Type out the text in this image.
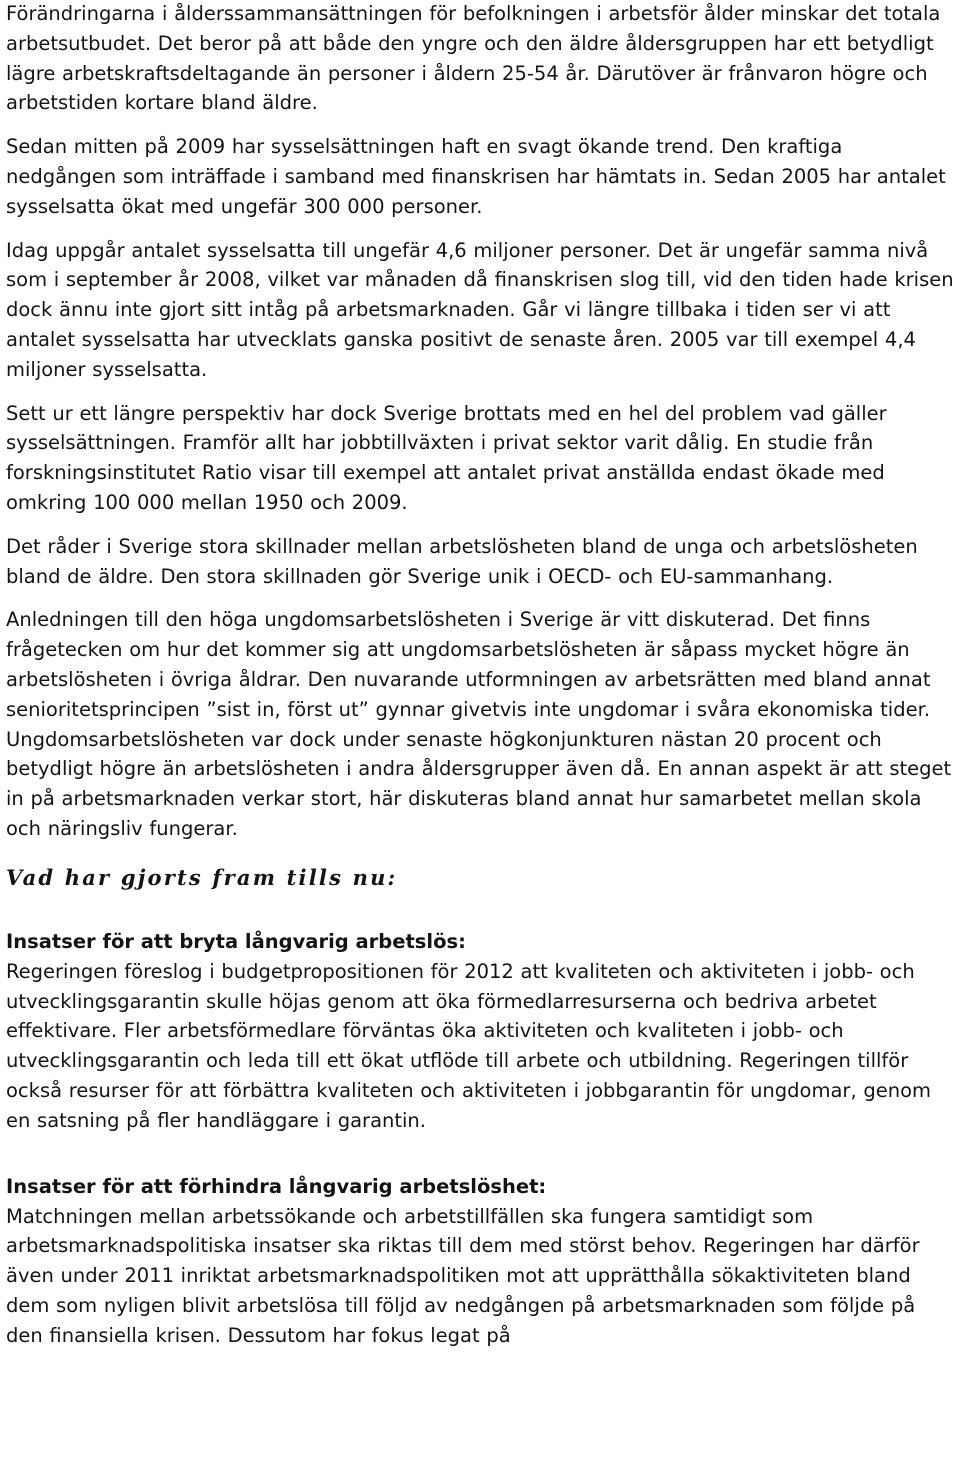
Förändringarna i ålderssammansättningen för befolkningen i arbetsför ålder minskar det totala arbetsutbudet. Det beror på att både den yngre och den äldre åldersgruppen har ett betydligt lägre arbetskraftsdeltagande än personer i åldern 25-54 år. Därutöver är frånvaron högre och arbetstiden kortare bland äldre.

Sedan mitten på 2009 har sysselsättningen haft en svagt ökande trend. Den kraftiga nedgången som inträffade i samband med finanskrisen har hämtats in. Sedan 2005 har antalet sysselsatta ökat med ungefär 300 000 personer.

Idag uppgår antalet sysselsatta till ungefär 4,6 miljoner personer. Det är ungefär samma nivå som i september år 2008, vilket var månaden då finanskrisen slog till, vid den tiden hade krisen dock ännu inte gjort sitt intåg på arbetsmarknaden. Går vi längre tillbaka i tiden ser vi att antalet sysselsatta har utvecklats ganska positivt de senaste åren. 2005 var till exempel 4,4 miljoner sysselsatta.

Sett ur ett längre perspektiv har dock Sverige brottats med en hel del problem vad gäller sysselsättningen. Framför allt har jobbtillväxten i privat sektor varit dålig. En studie från forskningsinstitutet Ratio visar till exempel att antalet privat anställda endast ökade med omkring 100 000 mellan 1950 och 2009.

Det råder i Sverige stora skillnader mellan arbetslösheten bland de unga och arbetslösheten bland de äldre. Den stora skillnaden gör Sverige unik i OECD- och EU-sammanhang.

Anledningen till den höga ungdomsarbetslösheten i Sverige är vitt diskuterad. Det finns frågetecken om hur det kommer sig att ungdomsarbetslösheten är såpass mycket högre än arbetslösheten i övriga åldrar. Den nuvarande utformningen av arbetsrätten med bland annat senioritetsprincipen ”sist in, först ut” gynnar givetvis inte ungdomar i svåra ekonomiska tider. Ungdomsarbetslösheten var dock under senaste högkonjunkturen nästan 20 procent och betydligt högre än arbetslösheten i andra åldersgrupper även då. En annan aspekt är att steget in på arbetsmarknaden verkar stort, här diskuteras bland annat hur samarbetet mellan skola och näringsliv fungerar.

Vad har gjorts fram tills nu:
Insatser för att bryta långvarig arbetslös:

Regeringen föreslog i budgetpropositionen för 2012 att kvaliteten och aktiviteten i jobb- och utvecklingsgarantin skulle höjas genom att öka förmedlarresurserna och bedriva arbetet effektivare. Fler arbetsförmedlare förväntas öka aktiviteten och kvaliteten i jobb- och utvecklingsgarantin och leda till ett ökat utflöde till arbete och utbildning. Regeringen tillför också resurser för att förbättra kvaliteten och aktiviteten i jobbgarantin för ungdomar, genom en satsning på fler handläggare i garantin.

Insatser för att förhindra långvarig arbetslöshet:

Matchningen mellan arbetssökande och arbetstillfällen ska fungera samtidigt som arbetsmarknadspolitiska insatser ska riktas till dem med störst behov. Regeringen har därför även under 2011 inriktat arbetsmarknadspolitiken mot att upprätthålla sökaktiviteten bland dem som nyligen blivit arbetslösa till följd av nedgången på arbetsmarknaden som följde på den finansiella krisen. Dessutom har fokus legat på
